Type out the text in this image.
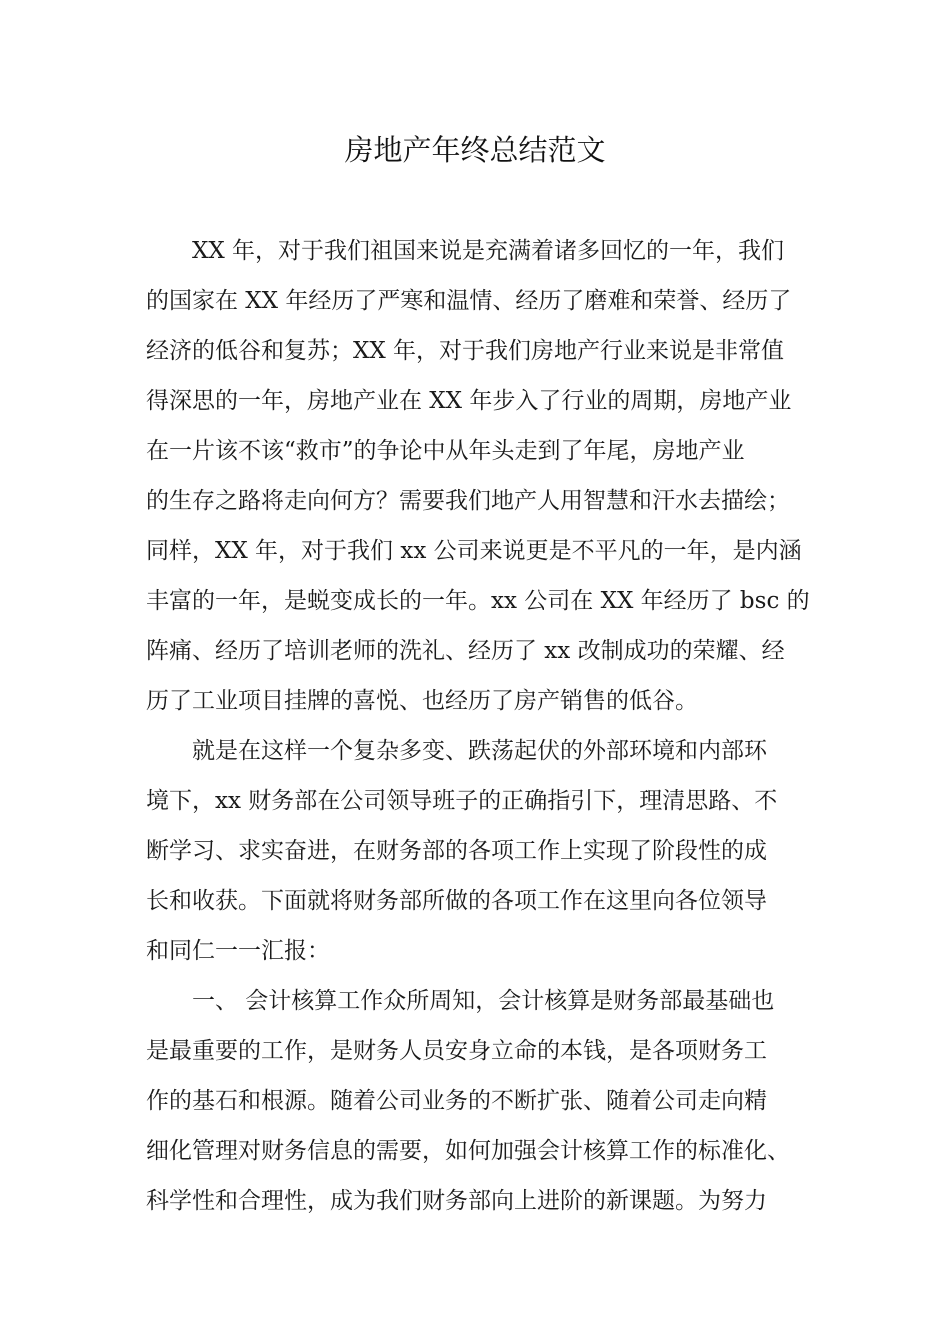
房地产年终总结范文
XX 年，对于我们祖国来说是充满着诸多回忆的一年，我们
的国家在 XX 年经历了严寒和温情、经历了磨难和荣誉、经历了
经济的低谷和复苏；XX 年，对于我们房地产行业来说是非常值
得深思的一年，房地产业在 XX 年步入了行业的周期，房地产业
在一片该不该“救市”的争论中从年头走到了年尾，房地产业
的生存之路将走向何方？需要我们地产人用智慧和汗水去描绘；
同样，XX 年，对于我们 xx 公司来说更是不平凡的一年，是内涵
丰富的一年，是蜕变成长的一年。xx 公司在 XX 年经历了 bsc 的
阵痛、经历了培训老师的洗礼、经历了 xx 改制成功的荣耀、经
历了工业项目挂牌的喜悦、也经历了房产销售的低谷。
就是在这样一个复杂多变、跌荡起伏的外部环境和内部环
境下，xx 财务部在公司领导班子的正确指引下，理清思路、不
断学习、求实奋进，在财务部的各项工作上实现了阶段性的成
长和收获。下面就将财务部所做的各项工作在这里向各位领导
和同仁一一汇报：
一、 会计核算工作众所周知，会计核算是财务部最基础也
是最重要的工作，是财务人员安身立命的本钱，是各项财务工
作的基石和根源。随着公司业务的不断扩张、随着公司走向精
细化管理对财务信息的需要，如何加强会计核算工作的标准化、
科学性和合理性，成为我们财务部向上进阶的新课题。为努力
